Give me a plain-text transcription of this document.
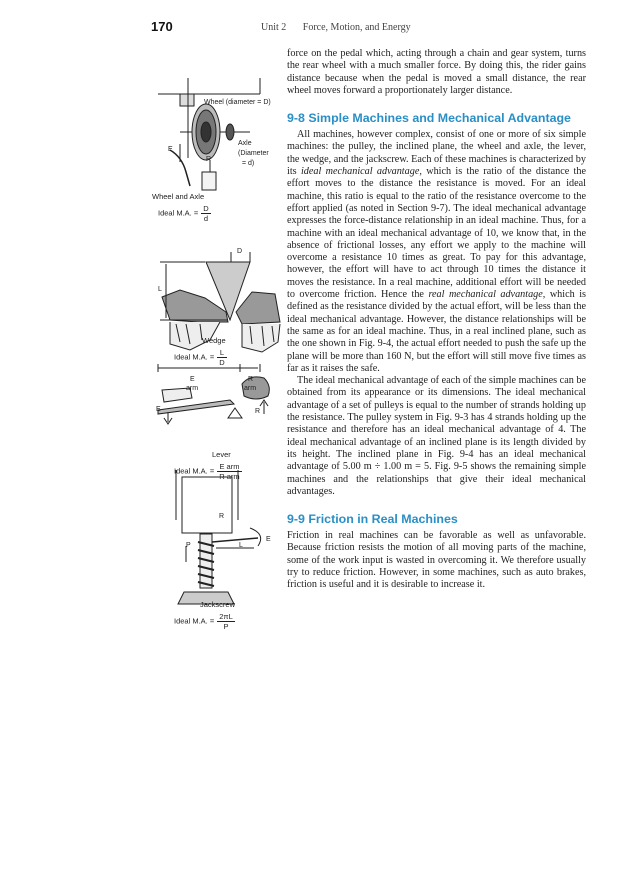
170	Unit 2 Force, Motion, and Energy
Wheel (diameter = D)
Axle
(Diameter
= d)
E
R
Wheel and Axle
Ideal M.A. = $\frac{D}{d}$
D
L
Wedge
Ideal M.A. = $\frac{L}{D}$
E
arm
R
arm
E	R
Lever
Ideal M.A. = $\frac{\text{E arm}}{\text{R arm}}$
R
P	L
E
Jackscrew
Ideal M.A. = $\frac{2\pi L}{P}$

force on the pedal which, acting through a chain and gear system, turns the rear wheel with a much smaller force. By doing this, the rider gains distance because when the pedal is moved a small distance, the rear wheel moves forward a proportionately larger distance.

9-8 Simple Machines and Mechanical Advantage

All machines, however complex, consist of one or more of six simple machines: the pulley, the inclined plane, the wheel and axle, the lever, the wedge, and the jackscrew. Each of these machines is characterized by its ideal mechanical advantage, which is the ratio of the distance the effort moves to the distance the resistance is moved. For an ideal machine, this ratio is equal to the ratio of the resistance overcome to the effort applied (as noted in Section 9-7). The ideal mechanical advantage expresses the force-distance relationship in an ideal machine. Thus, for a machine with an ideal mechanical advantage of 10, we know that, in the absence of frictional losses, any effort we apply to the machine will overcome a resistance 10 times as great. To pay for this advantage, however, the effort will have to act through 10 times the distance it moves the resistance. In a real machine, additional effort will be needed to overcome friction. Hence the real mechanical advantage, which is defined as the resistance divided by the actual effort, will be less than the ideal mechanical advantage. However, the distance relationships will be the same as for an ideal machine. Thus, in a real inclined plane, such as the one shown in Fig. 9-4, the actual effort needed to push the safe up the plane will be more than 160 N, but the effort will still move five times as far as it raises the safe.

The ideal mechanical advantage of each of the simple machines can be obtained from its appearance or its dimensions. The ideal mechanical advantage of a set of pulleys is equal to the number of strands holding up the resistance. The pulley system in Fig. 9-3 has 4 strands holding up the resistance and therefore has an ideal mechanical advantage of 4. The ideal mechanical advantage of an inclined plane is its length divided by its height. The inclined plane in Fig. 9-4 has an ideal mechanical advantage of 5.00 m ÷ 1.00 m = 5. Fig. 9-5 shows the remaining simple machines and the relationships that give their ideal mechanical advantages.

9-9 Friction in Real Machines

Friction in real machines can be favorable as well as unfavorable. Because friction resists the motion of all moving parts of the machine, some of the work input is wasted in overcoming it. We therefore usually try to reduce friction. However, in some machines, such as auto brakes, friction is useful and it is desirable to increase it.
